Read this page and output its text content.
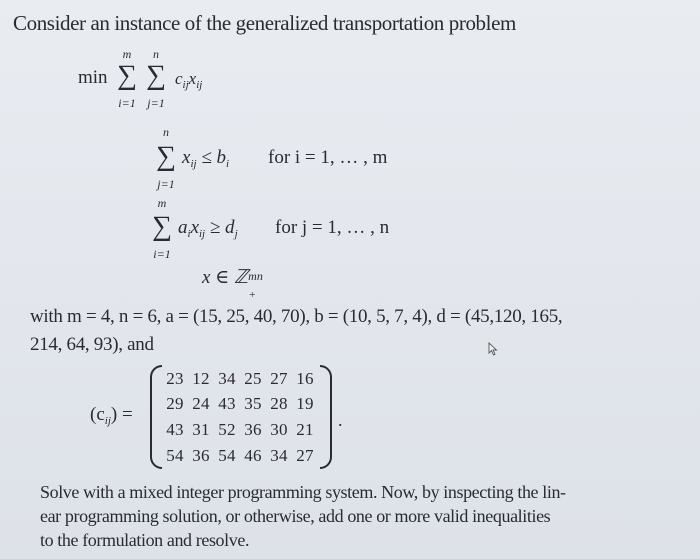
Consider an instance of the generalized transportation problem
min ∑
m
i=1
∑
n
j=1
$c_{ij}x_{ij}$
∑
n
j=1
$x_{ij} \le b_i$ for i = 1, … , m
∑
m
i=1
$a_ix_{ij} \ge d_j$ for j = 1, … , n
x ∈ ℤ mn
+
with m = 4, n = 6, a = (15, 25, 40, 70), b = (10, 5, 7, 4), d = (45,120, 165,
214, 64, 93), and
$(c_{ij})$ =
23 12 34 25 27 16
29 24 43 35 28 19
43 31 52 36 30 21
54 36 54 46 34 27
.
Solve with a mixed integer programming system. Now, by inspecting the lin-
ear programming solution, or otherwise, add one or more valid inequalities
to the formulation and resolve.
